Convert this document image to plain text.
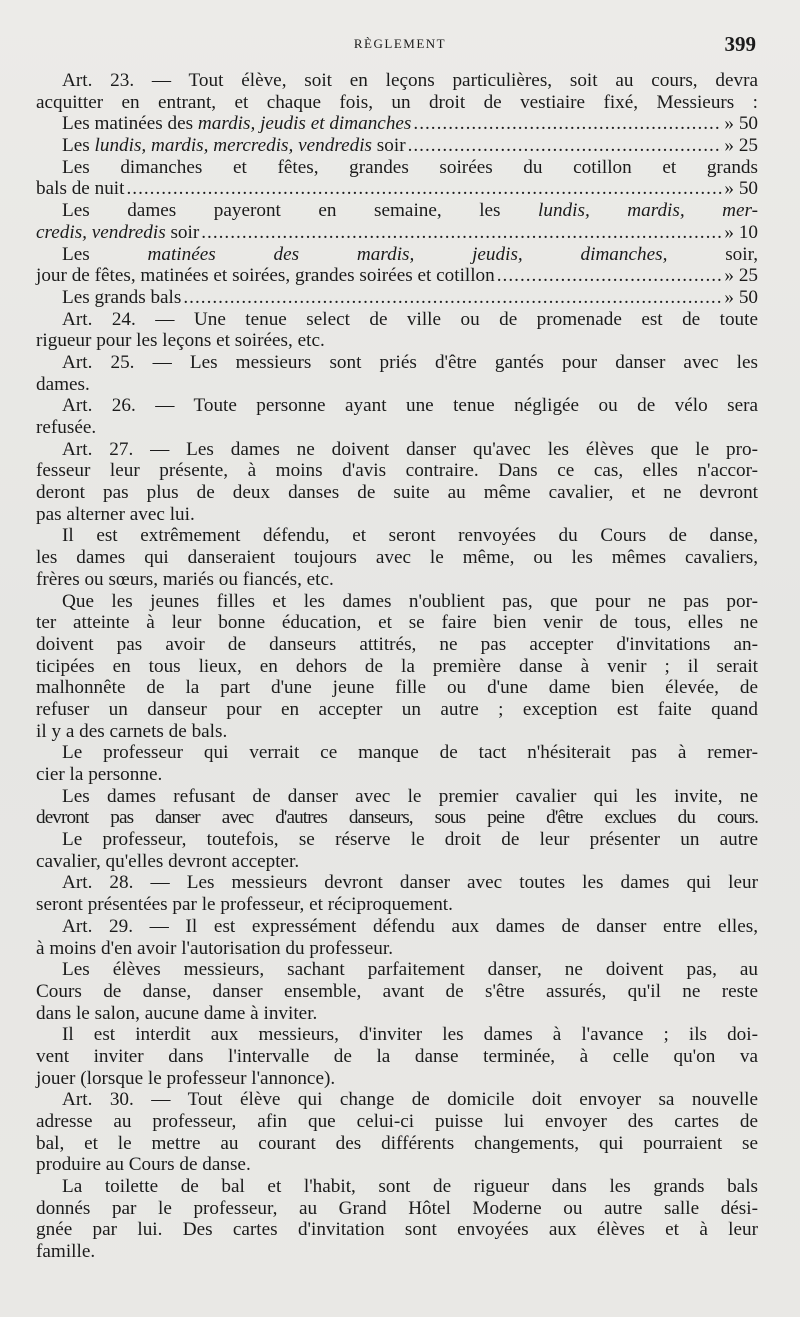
RÈGLEMENT	399
Art. 23. — Tout élève, soit en leçons particulières, soit au cours, devra
acquitter en entrant, et chaque fois, un droit de vestiaire fixé, Messieurs :
Les matinées des mardis, jeudis et dimanches .....	» 50
Les lundis, mardis, mercredis, vendredis soir .....	» 25
Les dimanches et fêtes, grandes soirées du cotillon et grands
bals de nuit .....	» 50
Les dames payeront en semaine, les lundis, mardis, mer-
credis, vendredis soir .....	» 10
Les matinées des mardis, jeudis, dimanches, soir,
jour de fêtes, matinées et soirées, grandes soirées et cotillon .....	» 25
Les grands bals .....	» 50
Art. 24. — Une tenue select de ville ou de promenade est de toute
rigueur pour les leçons et soirées, etc.
Art. 25. — Les messieurs sont priés d'être gantés pour danser avec les
dames.
Art. 26. — Toute personne ayant une tenue négligée ou de vélo sera
refusée.
Art. 27. — Les dames ne doivent danser qu'avec les élèves que le pro-
fesseur leur présente, à moins d'avis contraire. Dans ce cas, elles n'accor-
deront pas plus de deux danses de suite au même cavalier, et ne devront
pas alterner avec lui.
Il est extrêmement défendu, et seront renvoyées du Cours de danse,
les dames qui danseraient toujours avec le même, ou les mêmes cavaliers,
frères ou sœurs, mariés ou fiancés, etc.
Que les jeunes filles et les dames n'oublient pas, que pour ne pas por-
ter atteinte à leur bonne éducation, et se faire bien venir de tous, elles ne
doivent pas avoir de danseurs attitrés, ne pas accepter d'invitations an-
ticipées en tous lieux, en dehors de la première danse à venir ; il serait
malhonnête de la part d'une jeune fille ou d'une dame bien élevée, de
refuser un danseur pour en accepter un autre ; exception est faite quand
il y a des carnets de bals.
Le professeur qui verrait ce manque de tact n'hésiterait pas à remer-
cier la personne.
Les dames refusant de danser avec le premier cavalier qui les invite, ne
devront pas danser avec d'autres danseurs, sous peine d'être exclues du cours.
Le professeur, toutefois, se réserve le droit de leur présenter un autre
cavalier, qu'elles devront accepter.
Art. 28. — Les messieurs devront danser avec toutes les dames qui leur
seront présentées par le professeur, et réciproquement.
Art. 29. — Il est expressément défendu aux dames de danser entre elles,
à moins d'en avoir l'autorisation du professeur.
Les élèves messieurs, sachant parfaitement danser, ne doivent pas, au
Cours de danse, danser ensemble, avant de s'être assurés, qu'il ne reste
dans le salon, aucune dame à inviter.
Il est interdit aux messieurs, d'inviter les dames à l'avance ; ils doi-
vent inviter dans l'intervalle de la danse terminée, à celle qu'on va
jouer (lorsque le professeur l'annonce).
Art. 30. — Tout élève qui change de domicile doit envoyer sa nouvelle
adresse au professeur, afin que celui-ci puisse lui envoyer des cartes de
bal, et le mettre au courant des différents changements, qui pourraient se
produire au Cours de danse.
La toilette de bal et l'habit, sont de rigueur dans les grands bals
donnés par le professeur, au Grand Hôtel Moderne ou autre salle dési-
gnée par lui. Des cartes d'invitation sont envoyées aux élèves et à leur
famille.
